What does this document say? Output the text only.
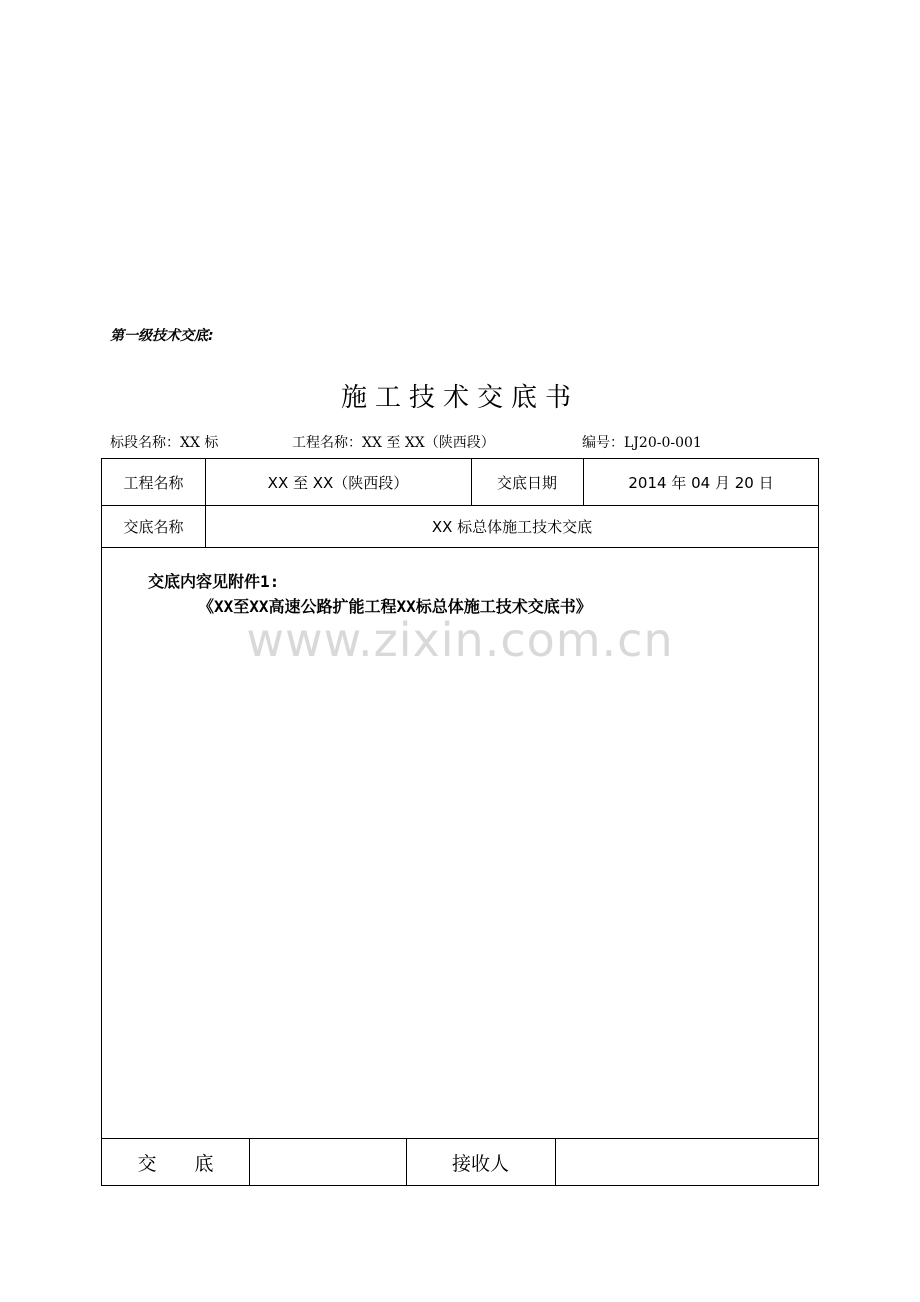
第一级技术交底:
施工技术交底书
标段名称：XX 标	工程名称：XX 至 XX（陕西段）	编号：LJ20-0-001
工程名称	XX 至 XX（陕西段）	交底日期	2014 年 04 月 20 日
交底名称	XX 标总体施工技术交底
交底内容见附件1:
《XX至XX高速公路扩能工程XX标总体施工技术交底书》
www.zixin.com.cn
交　　底	接收人
